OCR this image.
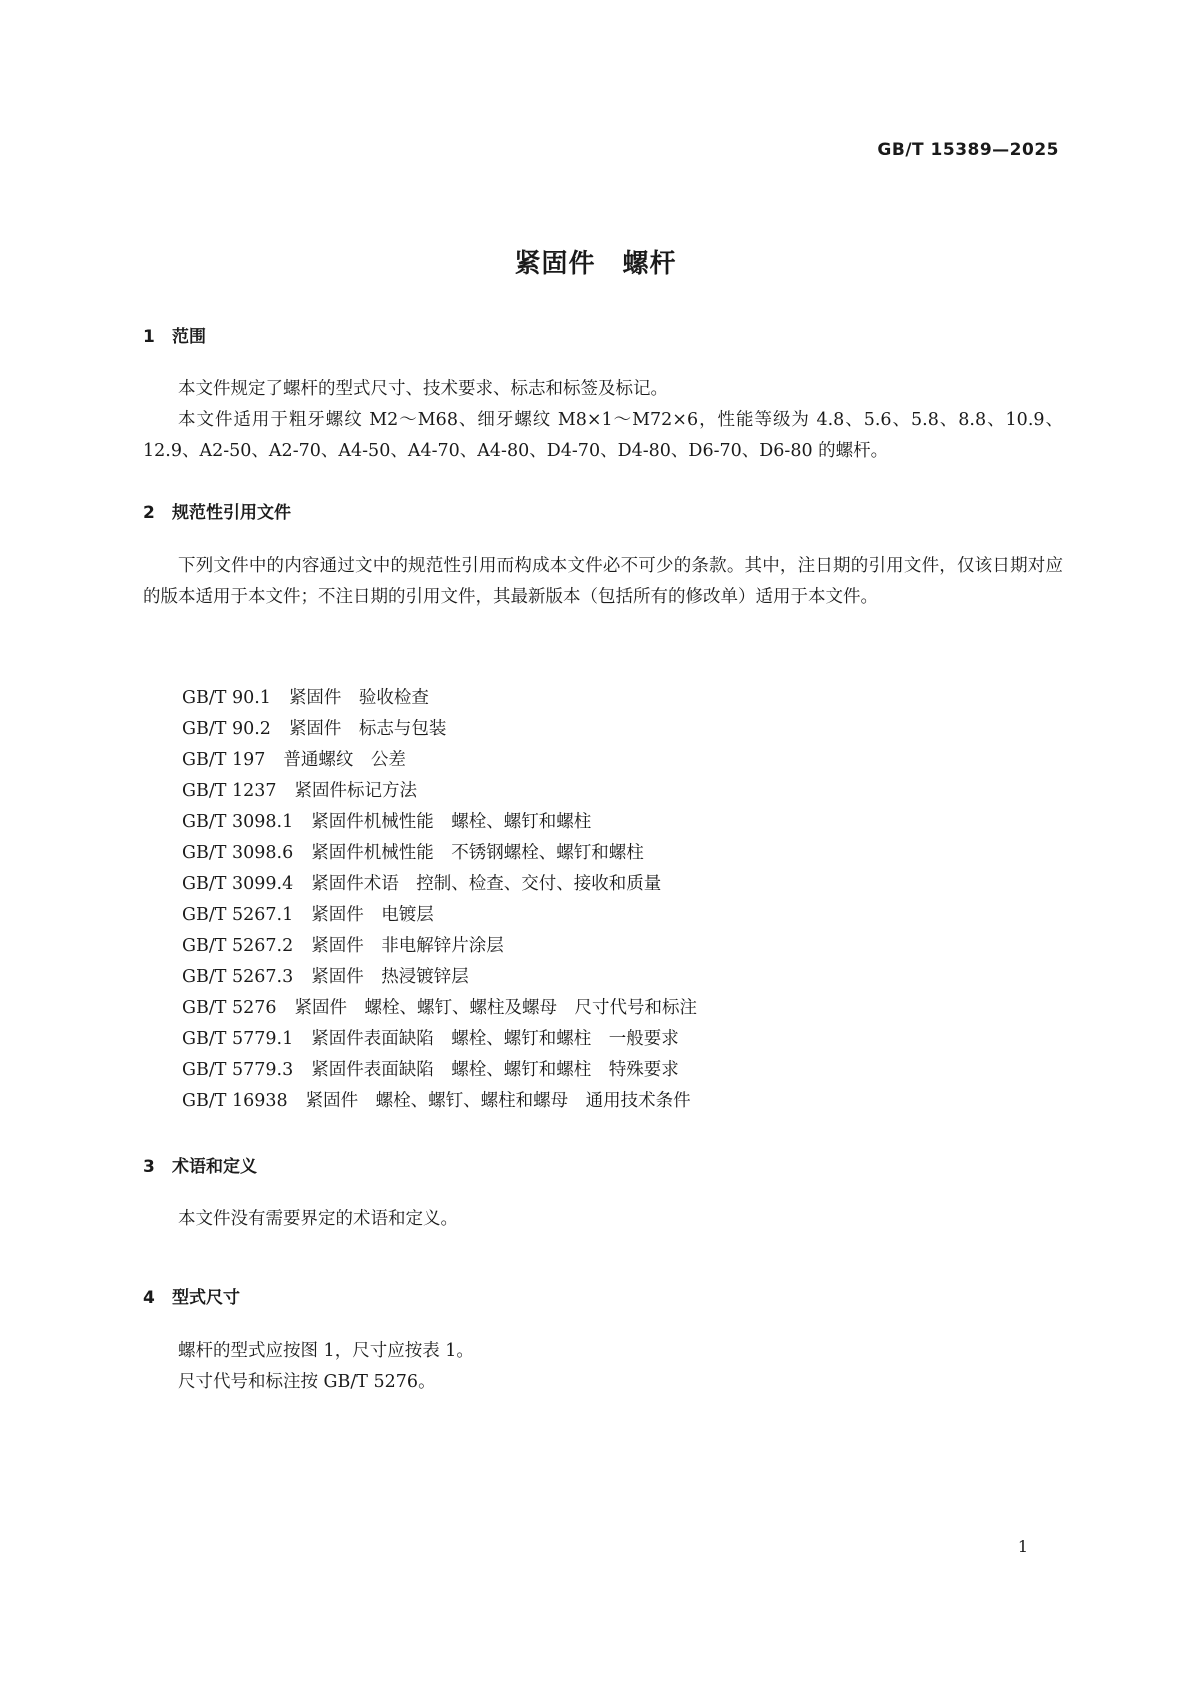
GB/T 15389—2025
紧固件　螺杆
1 范围

本文件规定了螺杆的型式尺寸、技术要求、标志和标签及标记。

本文件适用于粗牙螺纹 M2～M68、细牙螺纹 M8×1～M72×6，性能等级为 4.8、5.6、5.8、8.8、10.9、12.9、A2-50、A2-70、A4-50、A4-70、A4-80、D4-70、D4-80、D6-70、D6-80 的螺杆。

2 规范性引用文件

下列文件中的内容通过文中的规范性引用而构成本文件必不可少的条款。其中，注日期的引用文件，仅该日期对应的版本适用于本文件；不注日期的引用文件，其最新版本（包括所有的修改单）适用于本文件。

GB/T 90.1 紧固件　验收检查
GB/T 90.2 紧固件　标志与包装
GB/T 197 普通螺纹　公差
GB/T 1237 紧固件标记方法
GB/T 3098.1 紧固件机械性能　螺栓、螺钉和螺柱
GB/T 3098.6 紧固件机械性能　不锈钢螺栓、螺钉和螺柱
GB/T 3099.4 紧固件术语　控制、检查、交付、接收和质量
GB/T 5267.1 紧固件　电镀层
GB/T 5267.2 紧固件　非电解锌片涂层
GB/T 5267.3 紧固件　热浸镀锌层
GB/T 5276 紧固件　螺栓、螺钉、螺柱及螺母　尺寸代号和标注
GB/T 5779.1 紧固件表面缺陷　螺栓、螺钉和螺柱　一般要求
GB/T 5779.3 紧固件表面缺陷　螺栓、螺钉和螺柱　特殊要求
GB/T 16938 紧固件　螺栓、螺钉、螺柱和螺母　通用技术条件
3 术语和定义

本文件没有需要界定的术语和定义。

4 型式尺寸

螺杆的型式应按图 1，尺寸应按表 1。

尺寸代号和标注按 GB/T 5276。

1
